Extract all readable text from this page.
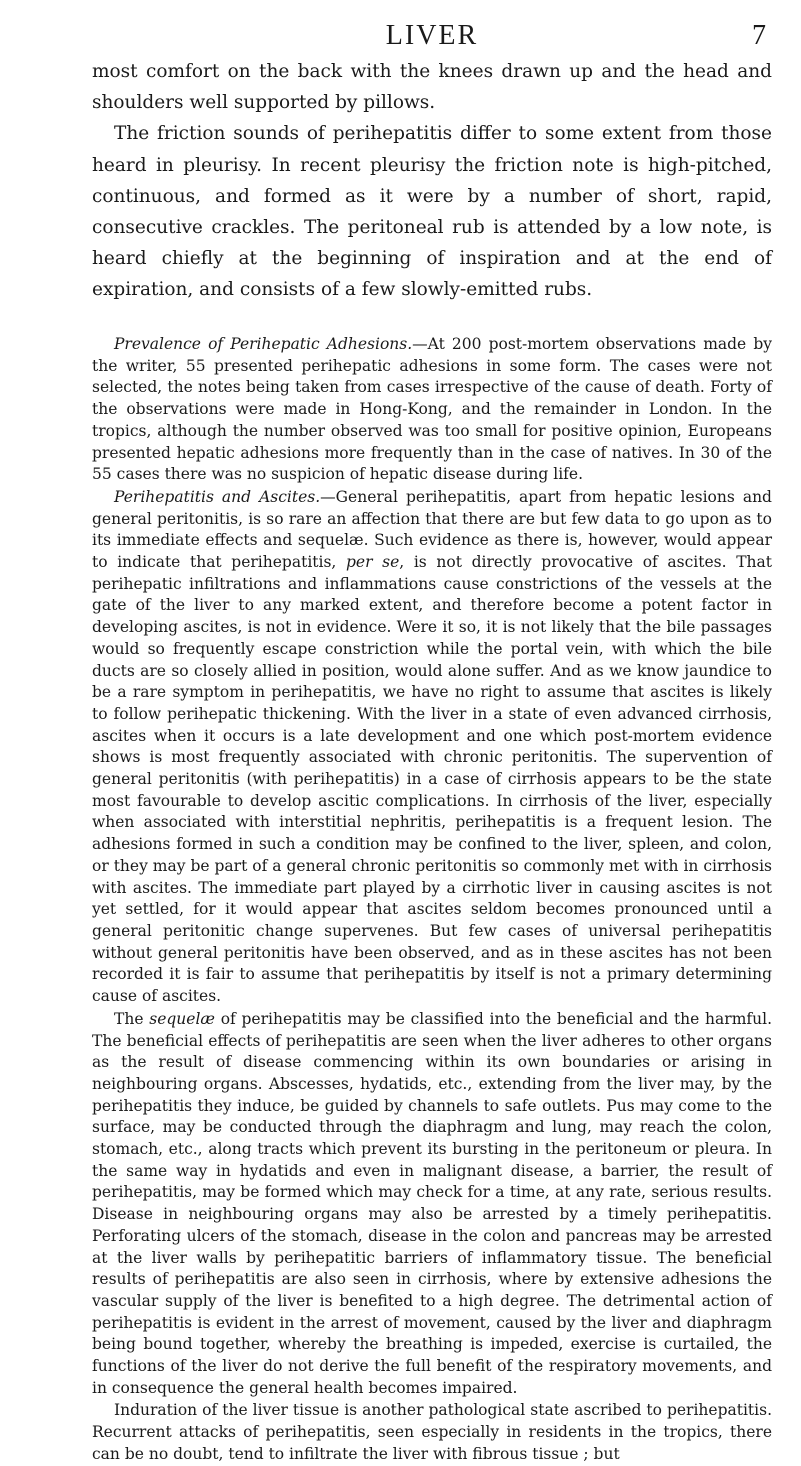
LIVER	7

most comfort on the back with the knees drawn up and the head and shoulders well supported by pillows.

The friction sounds of perihepatitis differ to some extent from those heard in pleurisy. In recent pleurisy the friction note is high-pitched, continuous, and formed as it were by a number of short, rapid, consecutive crackles. The peritoneal rub is attended by a low note, is heard chiefly at the beginning of inspiration and at the end of expiration, and consists of a few slowly-emitted rubs.

Prevalence of Perihepatic Adhesions.—At 200 post-mortem observations made by the writer, 55 presented perihepatic adhesions in some form. The cases were not selected, the notes being taken from cases irrespective of the cause of death. Forty of the observations were made in Hong-Kong, and the remainder in London. In the tropics, although the number observed was too small for positive opinion, Europeans presented hepatic adhesions more frequently than in the case of natives. In 30 of the 55 cases there was no suspicion of hepatic disease during life.

Perihepatitis and Ascites.—General perihepatitis, apart from hepatic lesions and general peritonitis, is so rare an affection that there are but few data to go upon as to its immediate effects and sequelæ. Such evidence as there is, however, would appear to indicate that perihepatitis, per se, is not directly provocative of ascites. That perihepatic infiltrations and inflammations cause constrictions of the vessels at the gate of the liver to any marked extent, and therefore become a potent factor in developing ascites, is not in evidence. Were it so, it is not likely that the bile passages would so frequently escape constriction while the portal vein, with which the bile ducts are so closely allied in position, would alone suffer. And as we know jaundice to be a rare symptom in perihepatitis, we have no right to assume that ascites is likely to follow perihepatic thickening. With the liver in a state of even advanced cirrhosis, ascites when it occurs is a late development and one which post-mortem evidence shows is most frequently associated with chronic peritonitis. The supervention of general peritonitis (with perihepatitis) in a case of cirrhosis appears to be the state most favourable to develop ascitic complications. In cirrhosis of the liver, especially when associated with interstitial nephritis, perihepatitis is a frequent lesion. The adhesions formed in such a condition may be confined to the liver, spleen, and colon, or they may be part of a general chronic peritonitis so commonly met with in cirrhosis with ascites. The immediate part played by a cirrhotic liver in causing ascites is not yet settled, for it would appear that ascites seldom becomes pronounced until a general peritonitic change supervenes. But few cases of universal perihepatitis without general peritonitis have been observed, and as in these ascites has not been recorded it is fair to assume that perihepatitis by itself is not a primary determining cause of ascites.

The sequelæ of perihepatitis may be classified into the beneficial and the harmful. The beneficial effects of perihepatitis are seen when the liver adheres to other organs as the result of disease commencing within its own boundaries or arising in neighbouring organs. Abscesses, hydatids, etc., extending from the liver may, by the perihepatitis they induce, be guided by channels to safe outlets. Pus may come to the surface, may be conducted through the diaphragm and lung, may reach the colon, stomach, etc., along tracts which prevent its bursting in the peritoneum or pleura. In the same way in hydatids and even in malignant disease, a barrier, the result of perihepatitis, may be formed which may check for a time, at any rate, serious results. Disease in neighbouring organs may also be arrested by a timely perihepatitis. Perforating ulcers of the stomach, disease in the colon and pancreas may be arrested at the liver walls by perihepatitic barriers of inflammatory tissue. The beneficial results of perihepatitis are also seen in cirrhosis, where by extensive adhesions the vascular supply of the liver is benefited to a high degree. The detrimental action of perihepatitis is evident in the arrest of movement, caused by the liver and diaphragm being bound together, whereby the breathing is impeded, exercise is curtailed, the functions of the liver do not derive the full benefit of the respiratory movements, and in consequence the general health becomes impaired.

Induration of the liver tissue is another pathological state ascribed to perihepatitis. Recurrent attacks of perihepatitis, seen especially in residents in the tropics, there can be no doubt, tend to infiltrate the liver with fibrous tissue ; but
